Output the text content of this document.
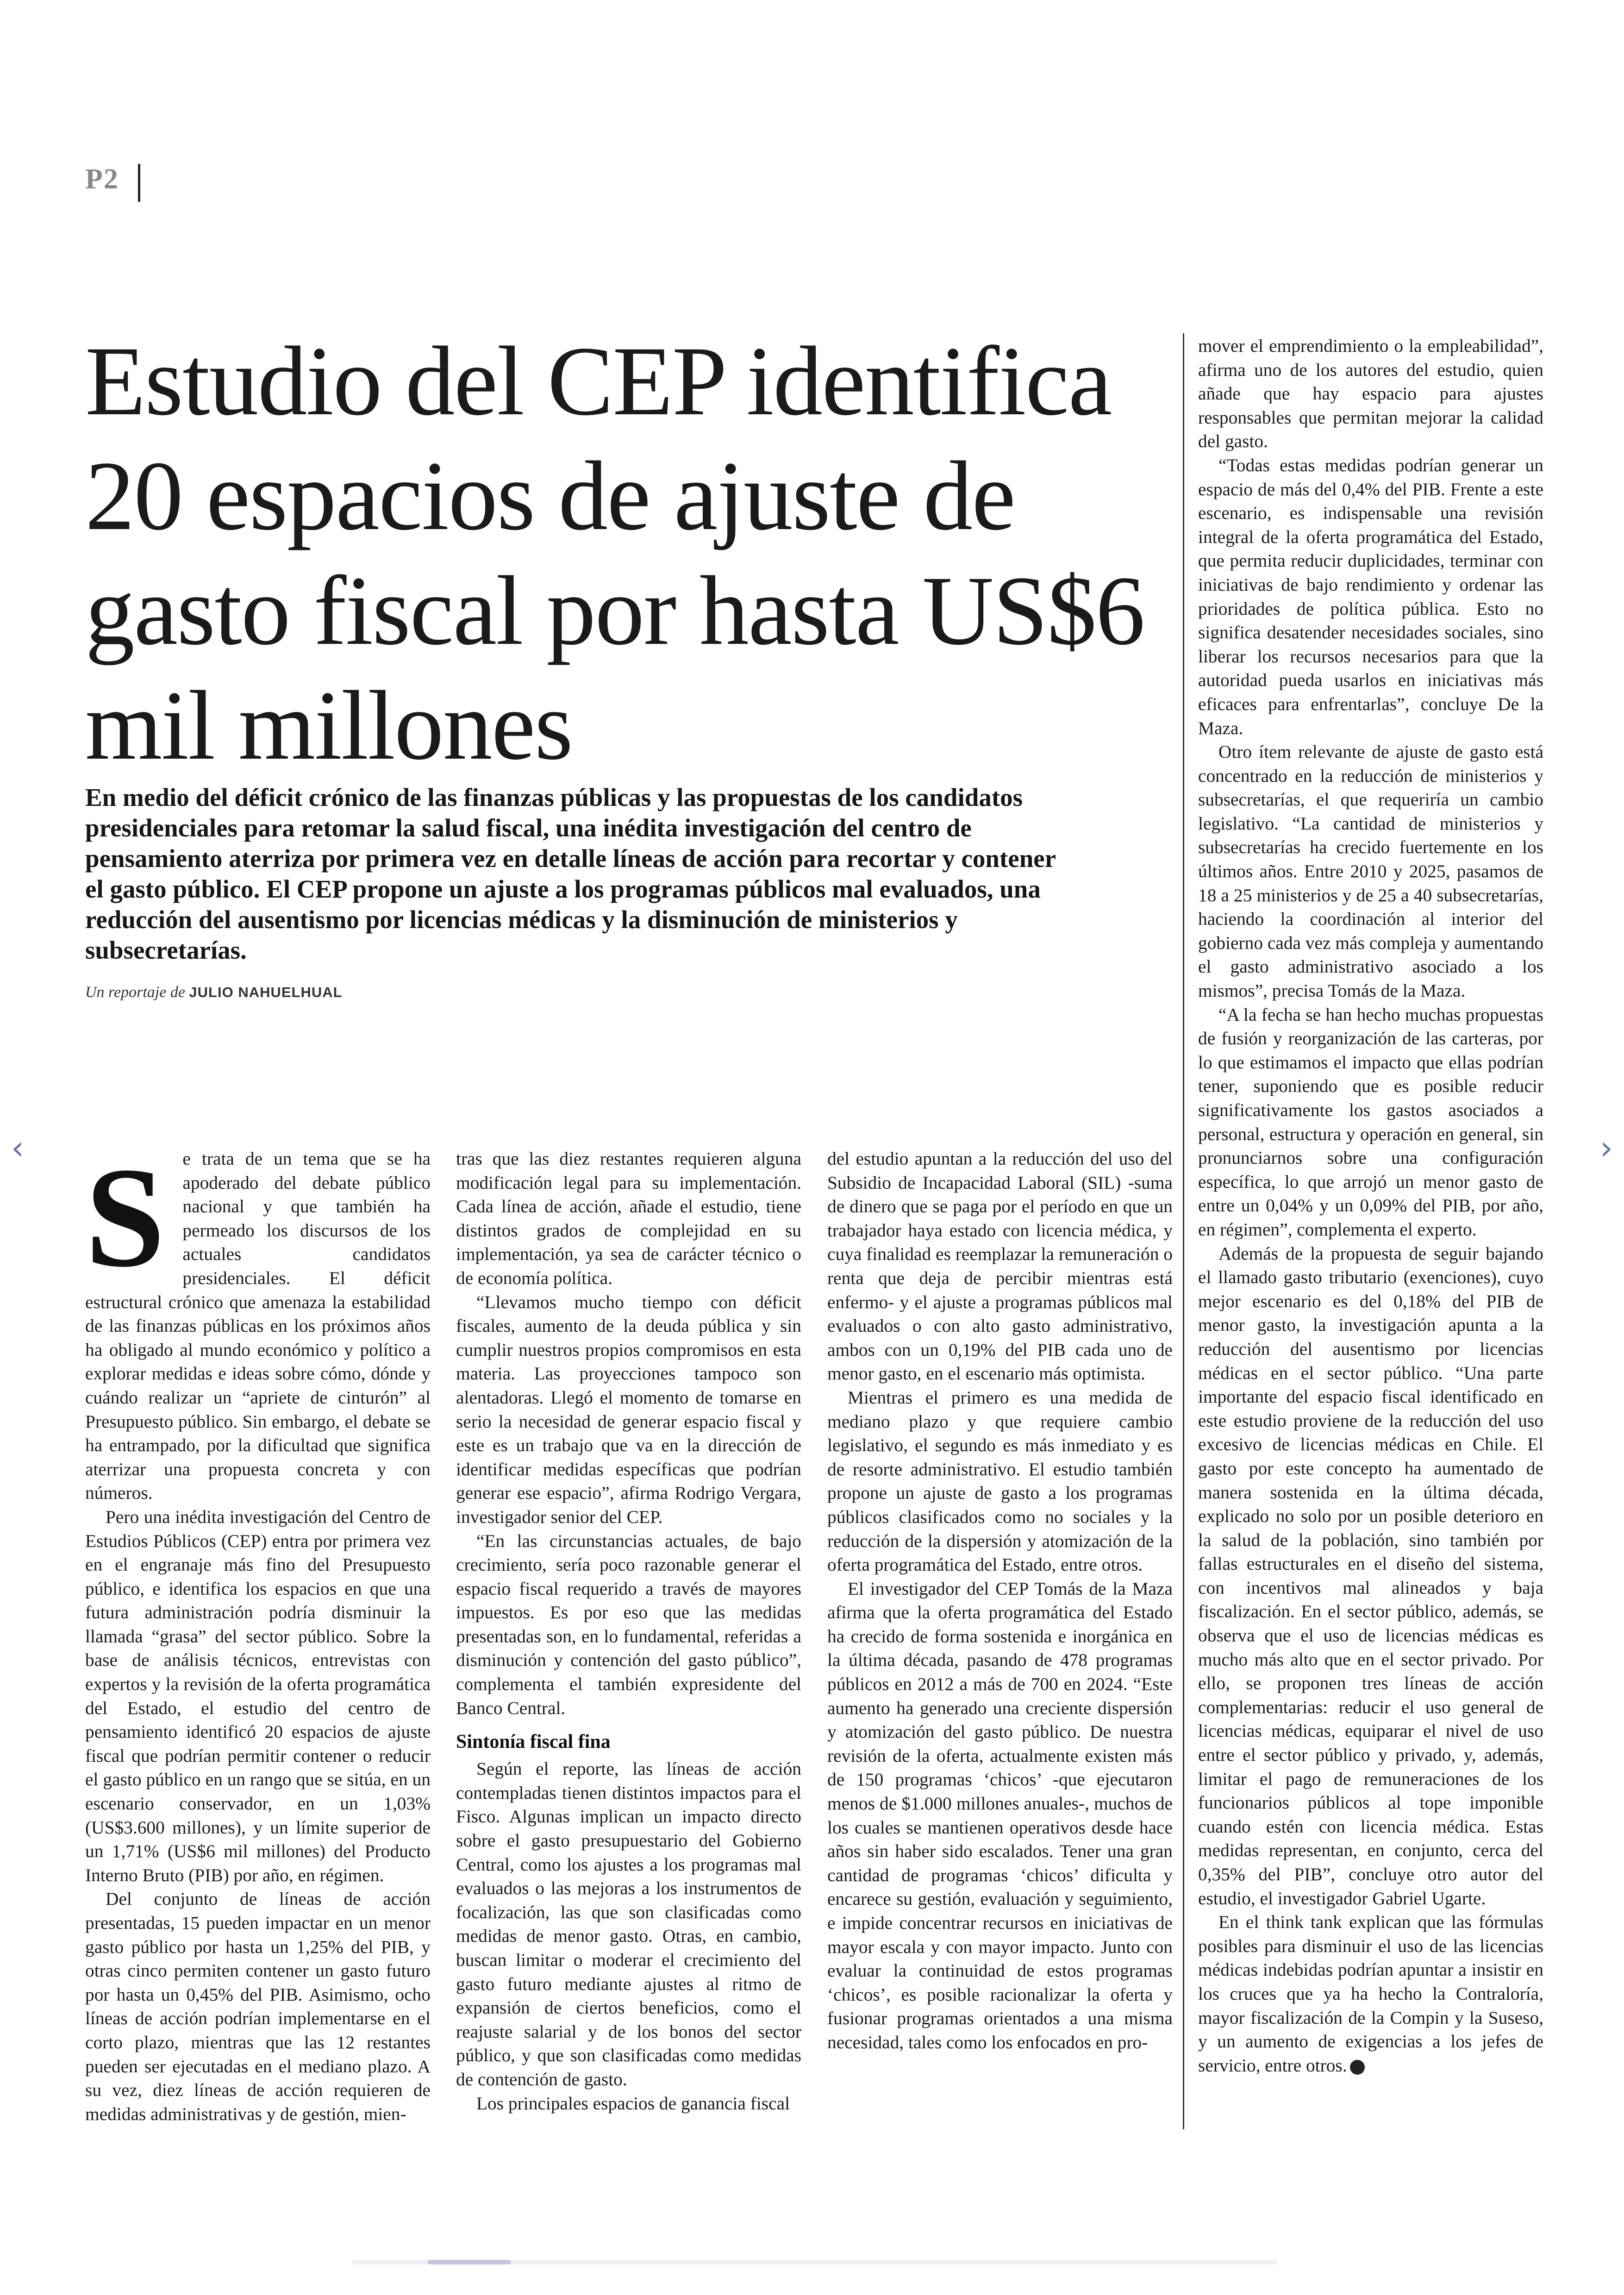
P2
Estudio del CEP identifica 20 espacios de ajuste de gasto fiscal por hasta US$6 mil millones

En medio del déficit crónico de las finanzas públicas y las propuestas de los candidatos presidenciales para retomar la salud fiscal, una inédita investigación del centro de pensamiento aterriza por primera vez en detalle líneas de acción para recortar y contener el gasto público. El CEP propone un ajuste a los programas públicos mal evaluados, una reducción del ausentismo por licencias médicas y la disminución de ministerios y subsecretarías.

Un reportaje de JULIO NAHUELHUAL
S e trata de un tema que se ha apoderado del debate público nacional y que también ha permeado los discursos de los actuales candidatos presidenciales. El déficit estructural crónico que amenaza la estabilidad de las finanzas públicas en los próximos años ha obligado al mundo económico y político a explorar medidas e ideas sobre cómo, dónde y cuándo realizar un “apriete de cinturón” al Presupuesto público. Sin embargo, el debate se ha entrampado, por la dificultad que significa aterrizar una propuesta concreta y con números.

Pero una inédita investigación del Centro de Estudios Públicos (CEP) entra por primera vez en el engranaje más fino del Presupuesto público, e identifica los espacios en que una futura administración podría disminuir la llamada “grasa” del sector público. Sobre la base de análisis técnicos, entrevistas con expertos y la revisión de la oferta programática del Estado, el estudio del centro de pensamiento identificó 20 espacios de ajuste fiscal que podrían permitir contener o reducir el gasto público en un rango que se sitúa, en un escenario conservador, en un 1,03% (US$3.600 millones), y un límite superior de un 1,71% (US$6 mil millones) del Producto Interno Bruto (PIB) por año, en régimen.

Del conjunto de líneas de acción presentadas, 15 pueden impactar en un menor gasto público por hasta un 1,25% del PIB, y otras cinco permiten contener un gasto futuro por hasta un 0,45% del PIB. Asimismo, ocho líneas de acción podrían implementarse en el corto plazo, mientras que las 12 restantes pueden ser ejecutadas en el mediano plazo. A su vez, diez líneas de acción requieren de medidas administrativas y de gestión, mien-

tras que las diez restantes requieren alguna modificación legal para su implementación. Cada línea de acción, añade el estudio, tiene distintos grados de complejidad en su implementación, ya sea de carácter técnico o de economía política.

“Llevamos mucho tiempo con déficit fiscales, aumento de la deuda pública y sin cumplir nuestros propios compromisos en esta materia. Las proyecciones tampoco son alentadoras. Llegó el momento de tomarse en serio la necesidad de generar espacio fiscal y este es un trabajo que va en la dirección de identificar medidas específicas que podrían generar ese espacio”, afirma Rodrigo Vergara, investigador senior del CEP.

“En las circunstancias actuales, de bajo crecimiento, sería poco razonable generar el espacio fiscal requerido a través de mayores impuestos. Es por eso que las medidas presentadas son, en lo fundamental, referidas a disminución y contención del gasto público”, complementa el también expresidente del Banco Central.

Sintonía fiscal fina

Según el reporte, las líneas de acción contempladas tienen distintos impactos para el Fisco. Algunas implican un impacto directo sobre el gasto presupuestario del Gobierno Central, como los ajustes a los programas mal evaluados o las mejoras a los instrumentos de focalización, las que son clasificadas como medidas de menor gasto. Otras, en cambio, buscan limitar o moderar el crecimiento del gasto futuro mediante ajustes al ritmo de expansión de ciertos beneficios, como el reajuste salarial y de los bonos del sector público, y que son clasificadas como medidas de contención de gasto.

Los principales espacios de ganancia fiscal

del estudio apuntan a la reducción del uso del Subsidio de Incapacidad Laboral (SIL) -suma de dinero que se paga por el período en que un trabajador haya estado con licencia médica, y cuya finalidad es reemplazar la remuneración o renta que deja de percibir mientras está enfermo- y el ajuste a programas públicos mal evaluados o con alto gasto administrativo, ambos con un 0,19% del PIB cada uno de menor gasto, en el escenario más optimista.

Mientras el primero es una medida de mediano plazo y que requiere cambio legislativo, el segundo es más inmediato y es de resorte administrativo. El estudio también propone un ajuste de gasto a los programas públicos clasificados como no sociales y la reducción de la dispersión y atomización de la oferta programática del Estado, entre otros.

El investigador del CEP Tomás de la Maza afirma que la oferta programática del Estado ha crecido de forma sostenida e inorgánica en la última década, pasando de 478 programas públicos en 2012 a más de 700 en 2024. “Este aumento ha generado una creciente dispersión y atomización del gasto público. De nuestra revisión de la oferta, actualmente existen más de 150 programas ‘chicos’ -que ejecutaron menos de $1.000 millones anuales-, muchos de los cuales se mantienen operativos desde hace años sin haber sido escalados. Tener una gran cantidad de programas ‘chicos’ dificulta y encarece su gestión, evaluación y seguimiento, e impide concentrar recursos en iniciativas de mayor escala y con mayor impacto. Junto con evaluar la continuidad de estos programas ‘chicos’, es posible racionalizar la oferta y fusionar programas orientados a una misma necesidad, tales como los enfocados en pro-

mover el emprendimiento o la empleabilidad”, afirma uno de los autores del estudio, quien añade que hay espacio para ajustes responsables que permitan mejorar la calidad del gasto.

“Todas estas medidas podrían generar un espacio de más del 0,4% del PIB. Frente a este escenario, es indispensable una revisión integral de la oferta programática del Estado, que permita reducir duplicidades, terminar con iniciativas de bajo rendimiento y ordenar las prioridades de política pública. Esto no significa desatender necesidades sociales, sino liberar los recursos necesarios para que la autoridad pueda usarlos en iniciativas más eficaces para enfrentarlas”, concluye De la Maza.

Otro ítem relevante de ajuste de gasto está concentrado en la reducción de ministerios y subsecretarías, el que requeriría un cambio legislativo. “La cantidad de ministerios y subsecretarías ha crecido fuertemente en los últimos años. Entre 2010 y 2025, pasamos de 18 a 25 ministerios y de 25 a 40 subsecretarías, haciendo la coordinación al interior del gobierno cada vez más compleja y aumentando el gasto administrativo asociado a los mismos”, precisa Tomás de la Maza.

“A la fecha se han hecho muchas propuestas de fusión y reorganización de las carteras, por lo que estimamos el impacto que ellas podrían tener, suponiendo que es posible reducir significativamente los gastos asociados a personal, estructura y operación en general, sin pronunciarnos sobre una configuración específica, lo que arrojó un menor gasto de entre un 0,04% y un 0,09% del PIB, por año, en régimen”, complementa el experto.

Además de la propuesta de seguir bajando el llamado gasto tributario (exenciones), cuyo mejor escenario es del 0,18% del PIB de menor gasto, la investigación apunta a la reducción del ausentismo por licencias médicas en el sector público. “Una parte importante del espacio fiscal identificado en este estudio proviene de la reducción del uso excesivo de licencias médicas en Chile. El gasto por este concepto ha aumentado de manera sostenida en la última década, explicado no solo por un posible deterioro en la salud de la población, sino también por fallas estructurales en el diseño del sistema, con incentivos mal alineados y baja fiscalización. En el sector público, además, se observa que el uso de licencias médicas es mucho más alto que en el sector privado. Por ello, se proponen tres líneas de acción complementarias: reducir el uso general de licencias médicas, equiparar el nivel de uso entre el sector público y privado, y, además, limitar el pago de remuneraciones de los funcionarios públicos al tope imponible cuando estén con licencia médica. Estas medidas representan, en conjunto, cerca del 0,35% del PIB”, concluye otro autor del estudio, el investigador Gabriel Ugarte.

En el think tank explican que las fórmulas posibles para disminuir el uso de las licencias médicas indebidas podrían apuntar a insistir en los cruces que ya ha hecho la Contraloría, mayor fiscalización de la Compin y la Suseso, y un aumento de exigencias a los jefes de servicio, entre otros. P

‹	›
